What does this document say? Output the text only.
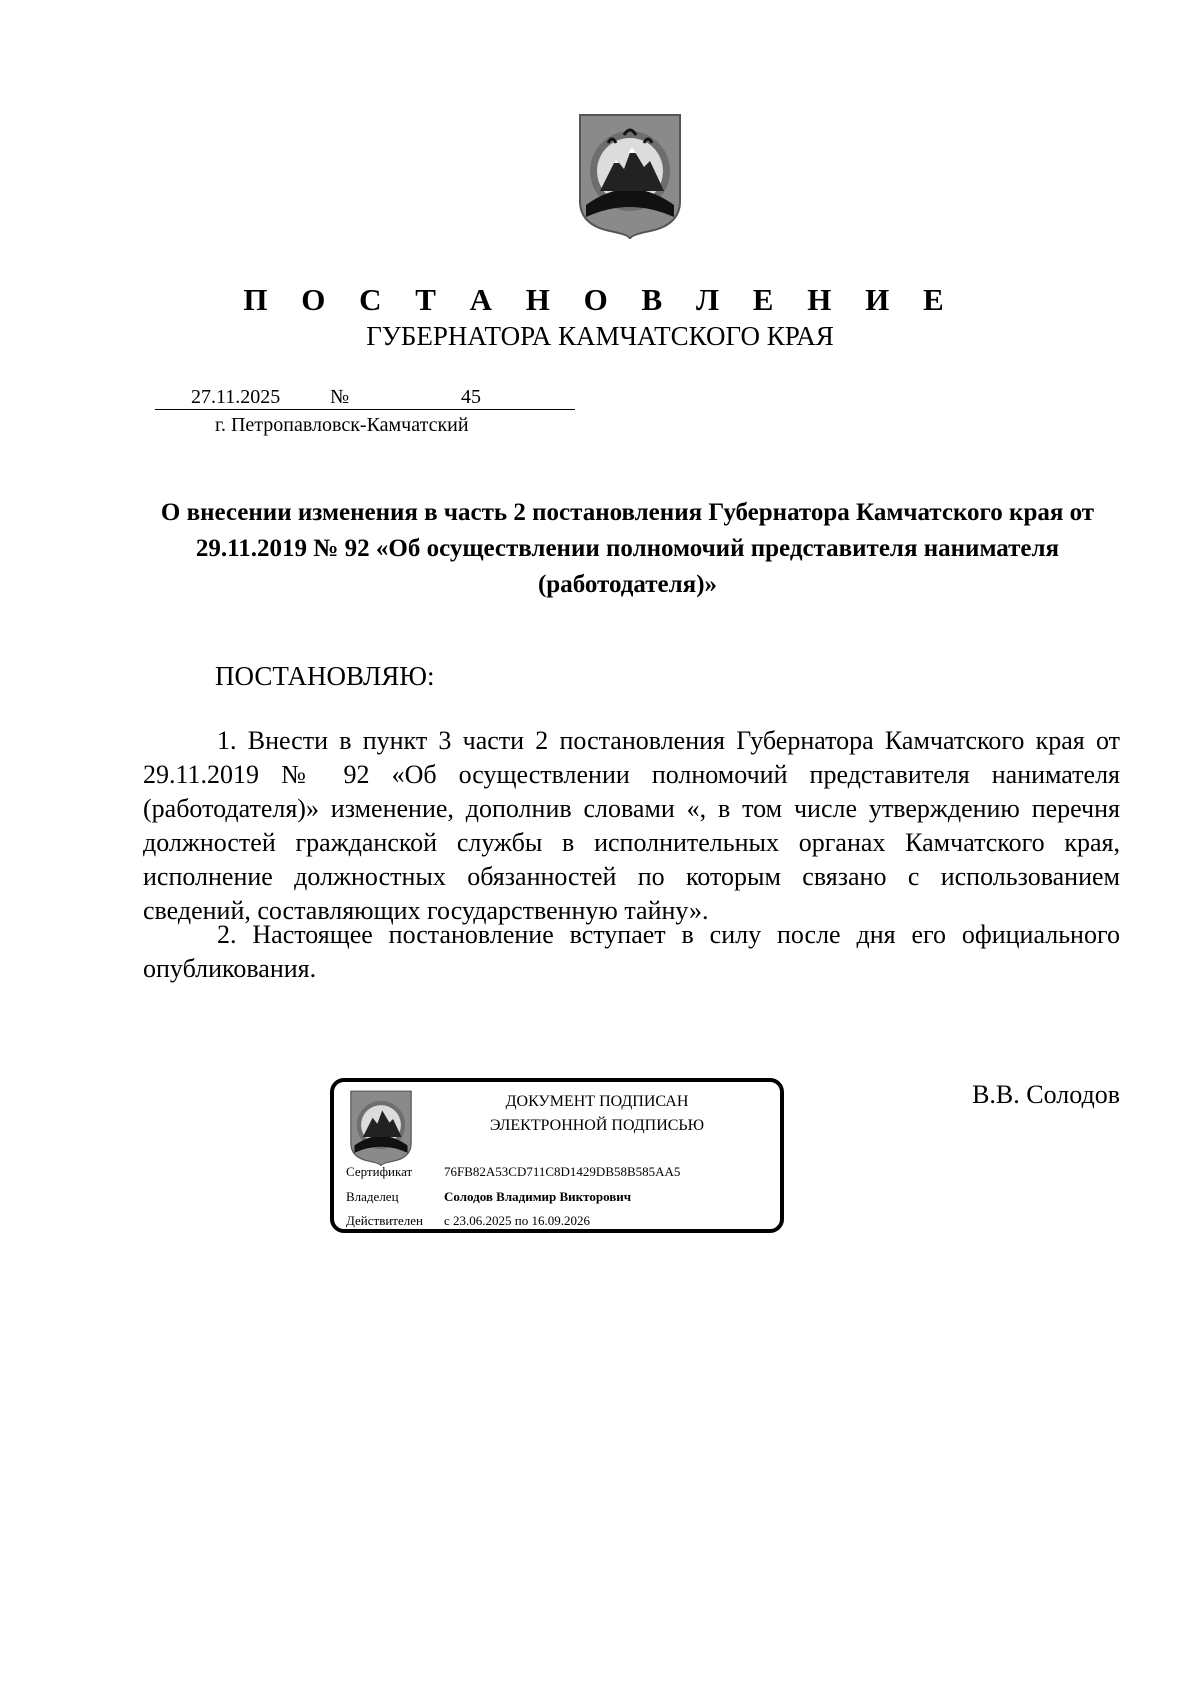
П О С Т А Н О В Л Е Н И Е
ГУБЕРНАТОРА КАМЧАТСКОГО КРАЯ
27.11.2025 №	45
г. Петропавловск-Камчатский
О внесении изменения в часть 2 постановления Губернатора Камчатского края от 29.11.2019 № 92 «Об осуществлении полномочий представителя нанимателя (работодателя)»
ПОСТАНОВЛЯЮ:
1. Внести в пункт 3 части 2 постановления Губернатора Камчатского края от 29.11.2019 № 92 «Об осуществлении полномочий представителя нанимателя (работодателя)» изменение, дополнив словами «, в том числе утверждению перечня должностей гражданской службы в исполнительных органах Камчатского края, исполнение должностных обязанностей по которым связано с использованием сведений, составляющих государственную тайну».
2. Настоящее постановление вступает в силу после дня его официального опубликования.
ДОКУМЕНТ ПОДПИСАН
ЭЛЕКТРОННОЙ ПОДПИСЬЮ
Сертификат 76FB82A53CD711C8D1429DB58B585AA5
Владелец	Солодов Владимир Викторович
Действителен с 23.06.2025 по 16.09.2026
В.В. Солодов
